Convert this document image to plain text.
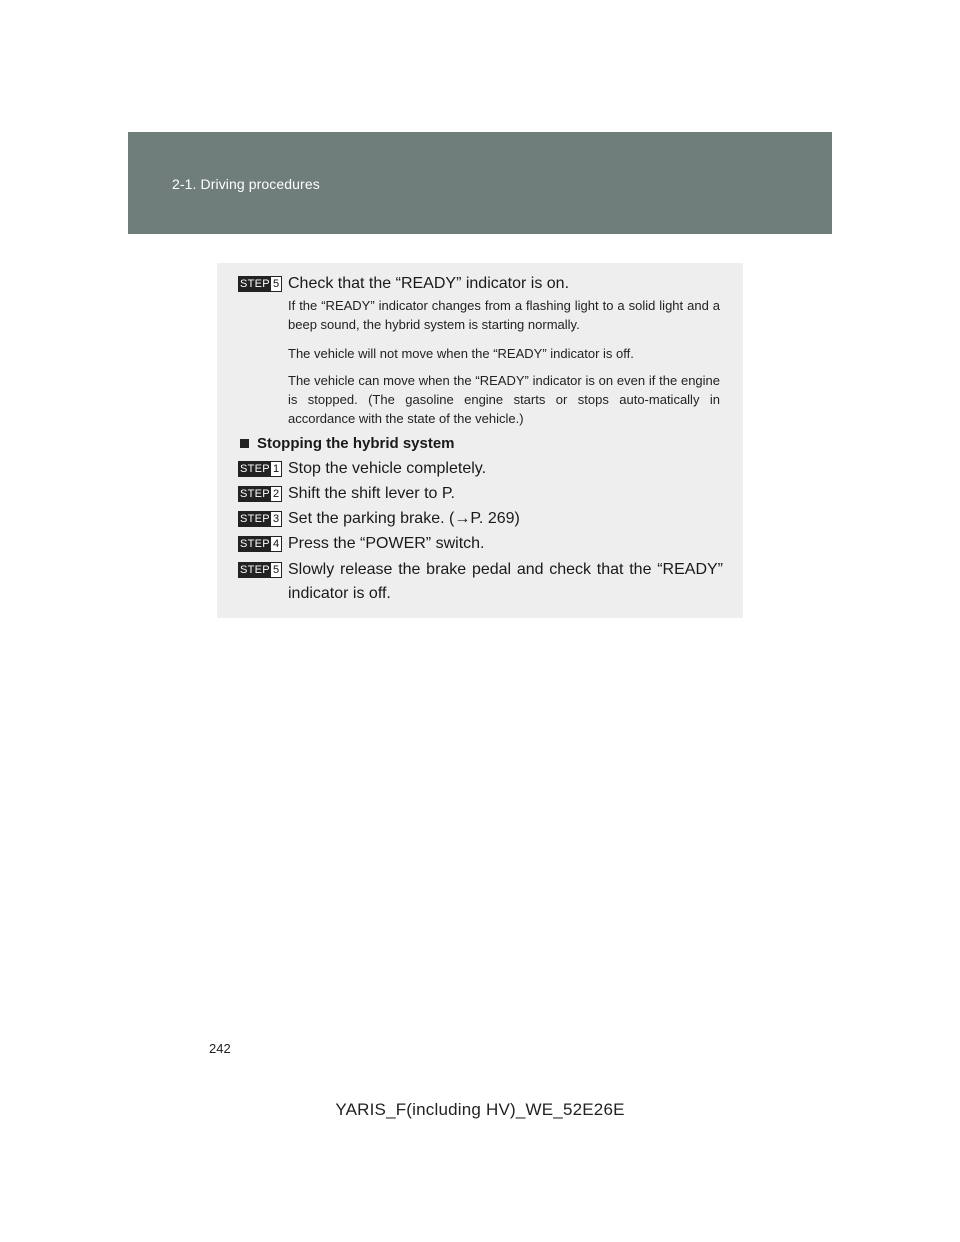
2-1. Driving procedures
STEP 5 Check that the “READY” indicator is on.
If the “READY” indicator changes from a flashing light to a solid light and a beep sound, the hybrid system is starting normally.
The vehicle will not move when the “READY” indicator is off.
The vehicle can move when the “READY” indicator is on even if the engine is stopped. (The gasoline engine starts or stops auto-matically in accordance with the state of the vehicle.)
Stopping the hybrid system
STEP 1 Stop the vehicle completely.
STEP 2 Shift the shift lever to P.
STEP 3 Set the parking brake. (→P. 269)
STEP 4 Press the “POWER” switch.
STEP 5 Slowly release the brake pedal and check that the “READY” indicator is off.
242
YARIS_F(including HV)_WE_52E26E
